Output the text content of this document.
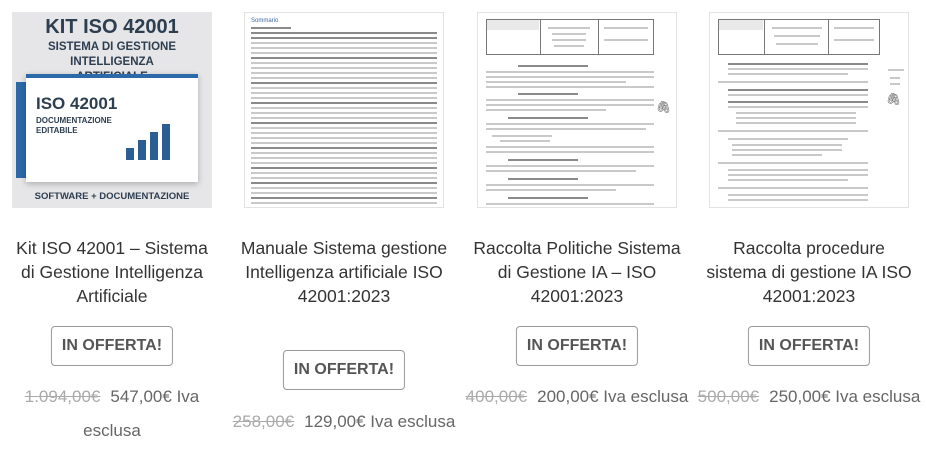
KIT ISO 42001
SISTEMA DI GESTIONE INTELLIGENZA
ISO 42001
DOCUMENTAZIONE EDITABILE
SOFTWARE + DOCUMENTAZIONE
Kit ISO 42001 – Sistema di Gestione Intelligenza Artificiale
IN OFFERTA!
1.094,00€ 547,00€ Iva esclusa
Sommario
Manuale Sistema gestione Intelligenza artificiale ISO 42001:2023
IN OFFERTA!
258,00€ 129,00€ Iva esclusa
🖇
Raccolta Politiche Sistema di Gestione IA – ISO 42001:2023
IN OFFERTA!
400,00€ 200,00€ Iva esclusa
🖇
Raccolta procedure sistema di gestione IA ISO 42001:2023
IN OFFERTA!
500,00€ 250,00€ Iva esclusa
